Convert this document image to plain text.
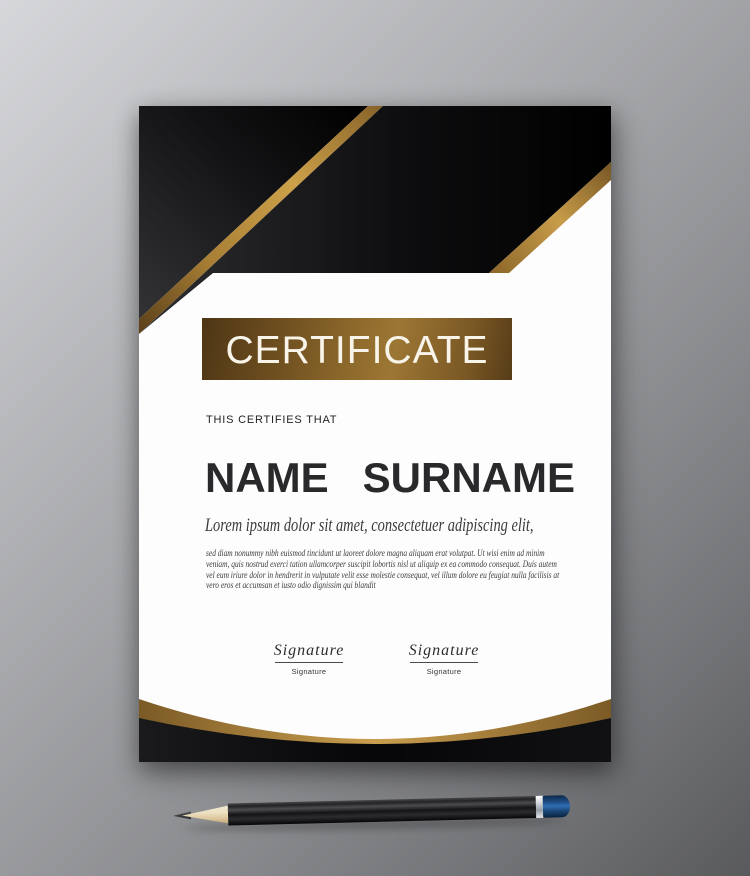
CERTIFICATE
THIS CERTIFIES THAT
NAME SURNAME
Lorem ipsum dolor sit amet, consectetuer adipiscing elit,
sed diam nonummy nibh euismod tincidunt ut laoreet dolore magna aliquam erat volutpat. Ut wisi enim ad minim
veniam, quis nostrud exerci tation ullamcorper suscipit lobortis nisl ut aliquip ex ea commodo consequat. Duis autem
vel eum iriure dolor in hendrerit in vulputate velit esse molestie consequat, vel illum dolore eu feugiat nulla facilisis at
vero eros et accumsan et iusto odio dignissim qui blandit
Signature
Signature
Signature
Signature
